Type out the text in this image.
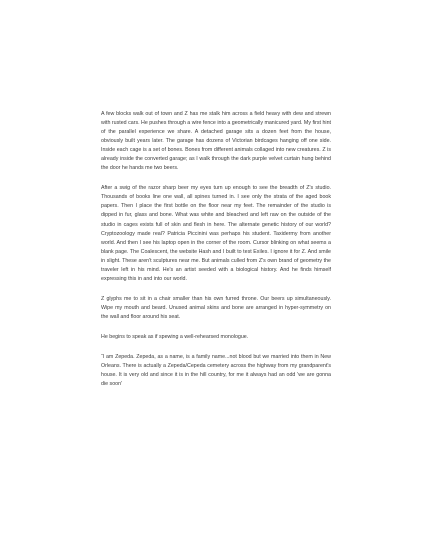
A few blocks walk out of town and Z has me stalk him across a field heavy with dew and strewn with rusted cars. He pushes through a wire fence into a geometrically manicured yard. My first hint of the parallel experience we share. A detached garage sits a dozen feet from the house, obviously built years later. The garage has dozens of Victorian birdcages hanging off one side. Inside each cage is a set of bones. Bones from different animals collaged into new creatures. Z is already inside the converted garage; as I walk through the dark purple velvet curtain hung behind the door he hands me two beers.

After a swig of the razor sharp beer my eyes turn up enough to see the breadth of Z's studio. Thousands of books line one wall, all spines turned in. I see only the strata of the aged book papers. Then I place the first bottle on the floor near my feet. The remainder of the studio is dipped in fur, glass and bone. What was white and bleached and left raw on the outside of the studio in cages exists full of skin and flesh in here. The alternate genetic history of our world? Cryptozoology made real? Patricia Piccinini was perhaps his student. Taxidermy from another world. And then I see his laptop open in the corner of the room. Cursor blinking on what seems a blank page. The Coalescent, the website Hash and I built to test Exiles. I ignore it for Z. And smile in slight. These aren't sculptures near me. But animals culled from Z's own brand of geometry the traveler left in his mind. He's an artist seeded with a biological history. And he finds himself expressing this in and into our world.

Z glyphs me to sit in a chair smaller than his own furred throne. Our beers up simultaneously. Wipe my mouth and beard. Unused animal skins and bone are arranged in hyper-symmetry on the wall and floor around his seat.

He begins to speak as if spewing a well-rehearsed monologue.

“I am Zepeda. Zepeda, as a name, is a family name...not blood but we married into them in New Orleans. There is actually a Zepeda/Cepeda cemetery across the highway from my grandparent's house. It is very old and since it is in the hill country, for me it always had an odd 'we are gonna die soon'
